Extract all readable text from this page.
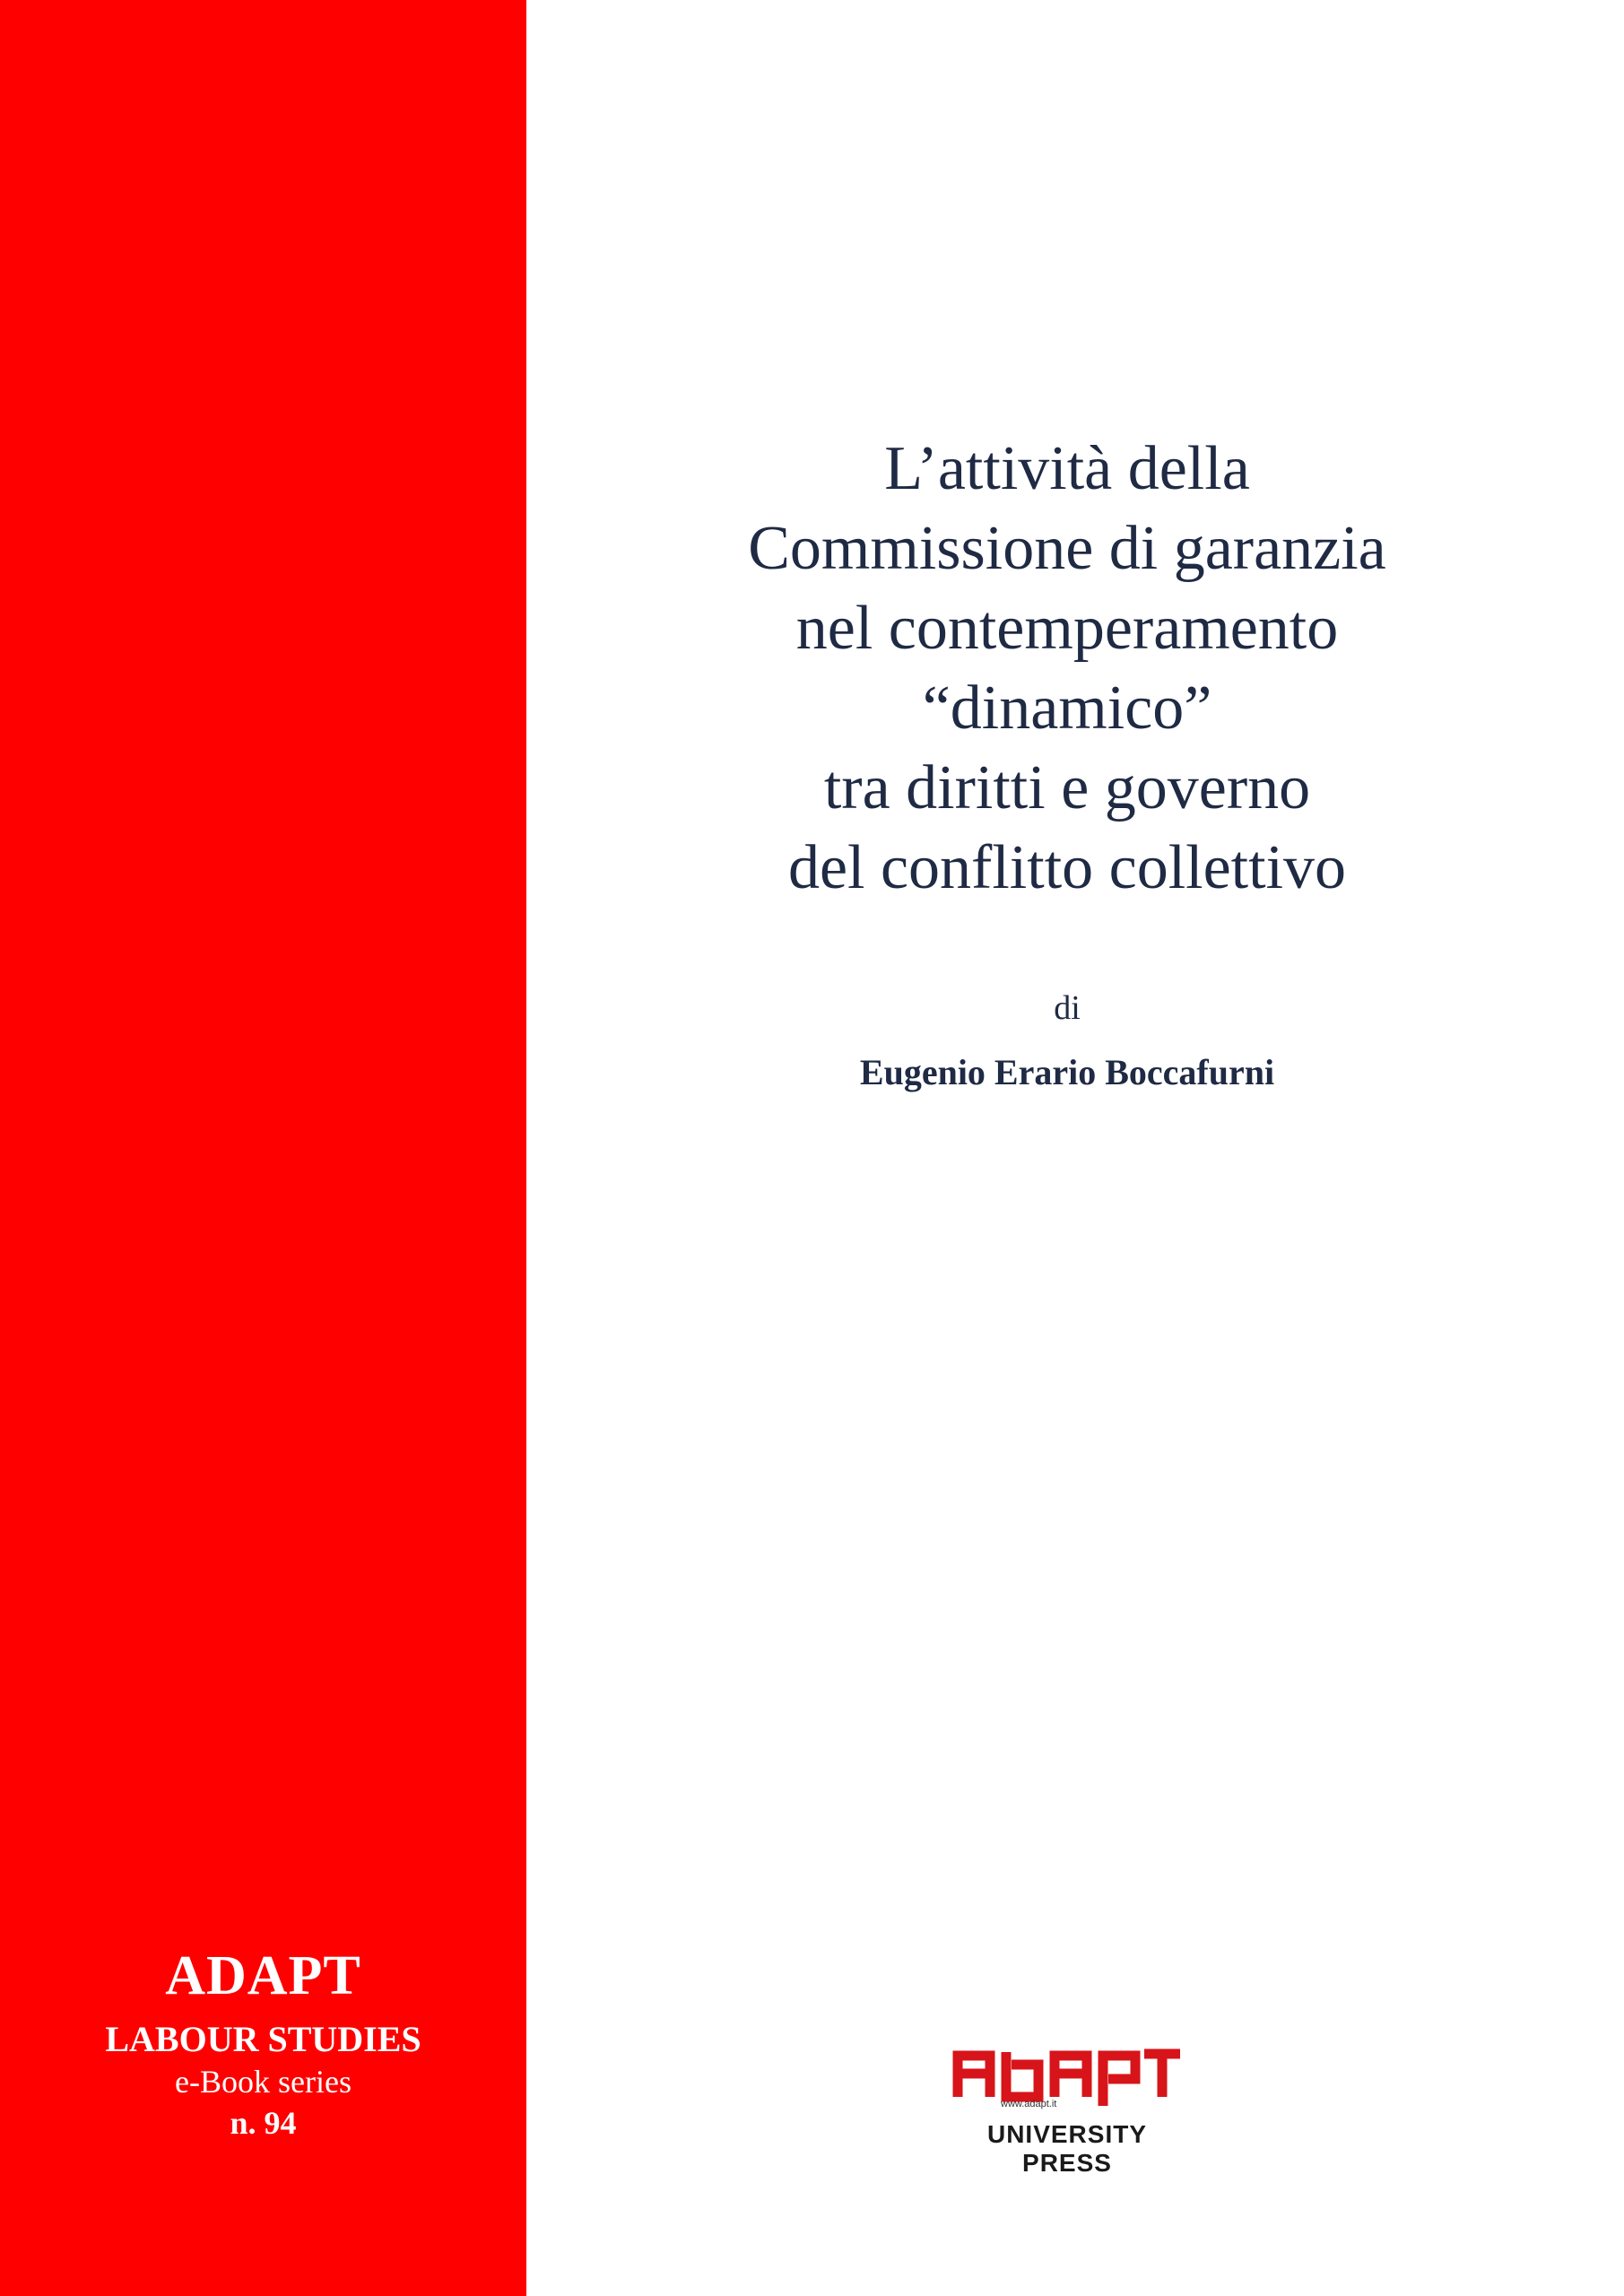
ADAPT
LABOUR STUDIES
e-Book series
n. 94
L’attività della
Commissione di garanzia
nel contemperamento
“dinamico”
tra diritti e governo
del conflitto collettivo
di
Eugenio Erario Boccafurni
www.adapt.it
UNIVERSITY PRESS
